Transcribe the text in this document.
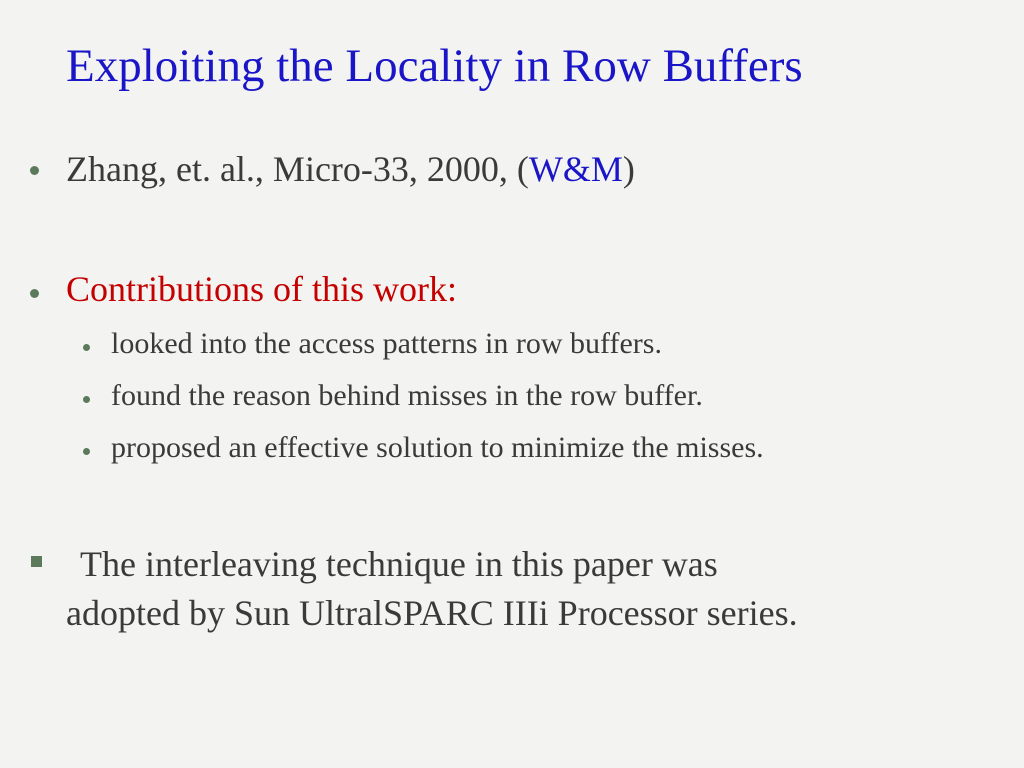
Exploiting the Locality in Row Buffers
Zhang, et. al., Micro-33, 2000, (W&M)
Contributions of this work:
looked into the access patterns in row buffers.
found the reason behind misses in the row buffer.
proposed an effective solution to minimize the misses.
The interleaving technique in this paper was
adopted by Sun UltralSPARC IIIi Processor series.
